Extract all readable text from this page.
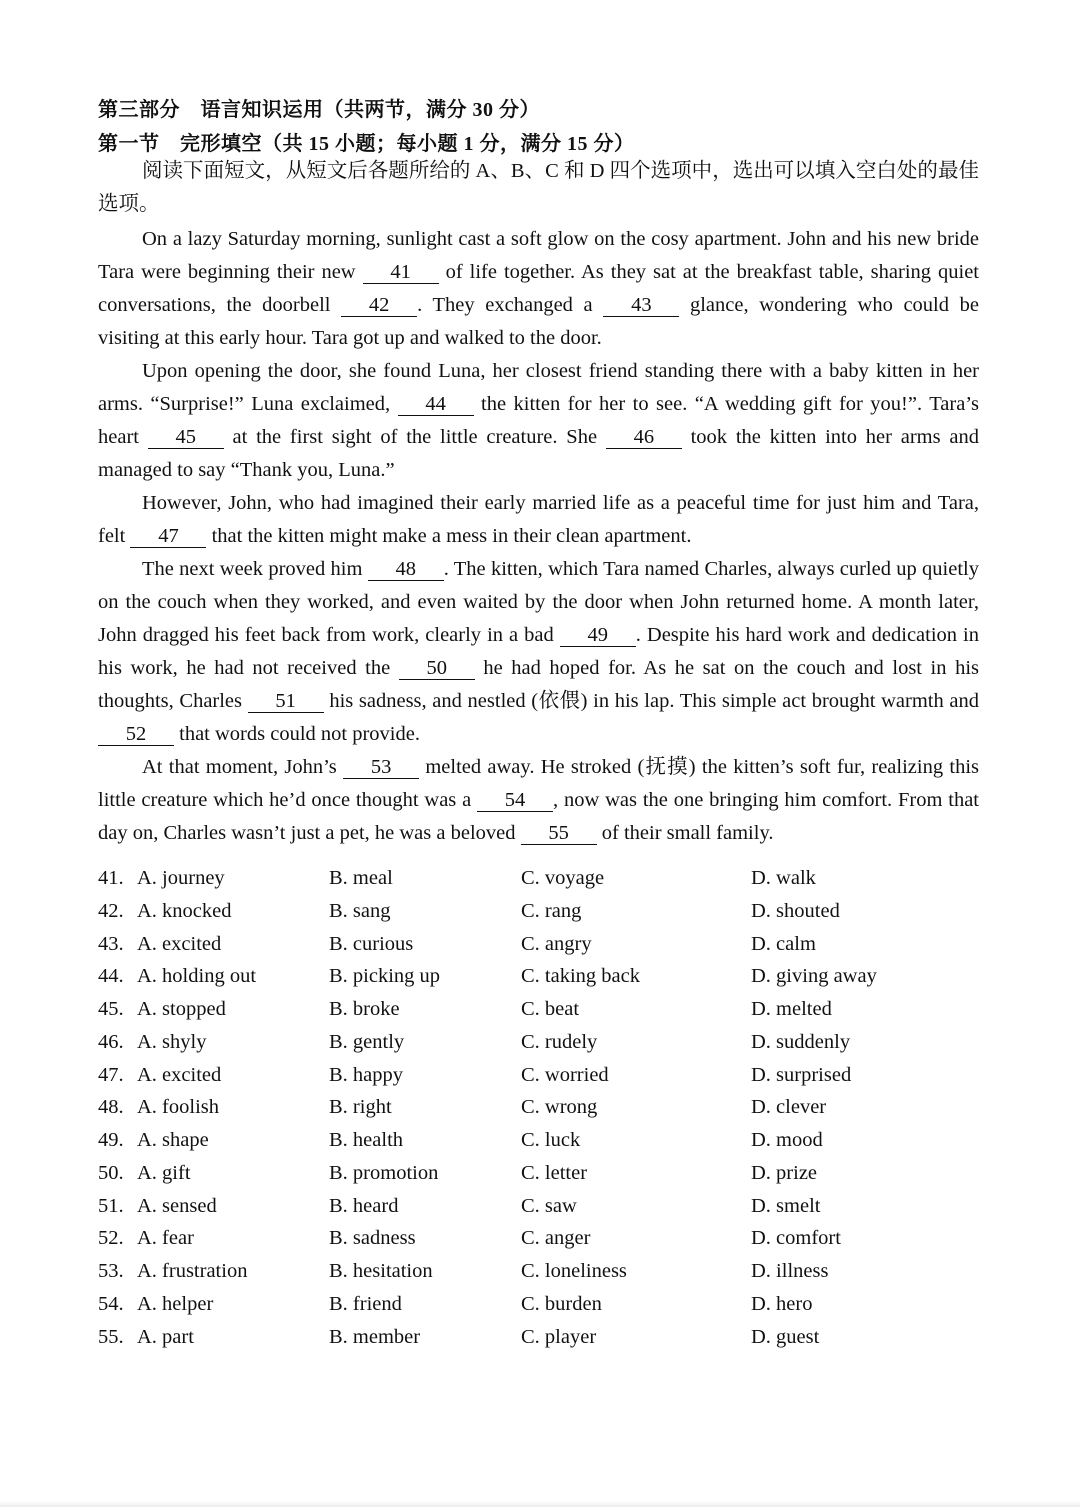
第三部分　语言知识运用（共两节，满分 30 分）
第一节　完形填空（共 15 小题；每小题 1 分，满分 15 分）

阅读下面短文，从短文后各题所给的 A、B、C 和 D 四个选项中，选出可以填入空白处的最佳选项。

On a lazy Saturday morning, sunlight cast a soft glow on the cosy apartment. John and his new bride Tara were beginning their new 41 of life together. As they sat at the breakfast table, sharing quiet conversations, the doorbell 42 . They exchanged a 43 glance, wondering who could be visiting at this early hour. Tara got up and walked to the door.

Upon opening the door, she found Luna, her closest friend standing there with a baby kitten in her arms. “Surprise!” Luna exclaimed, 44 the kitten for her to see. “A wedding gift for you!”. Tara’s heart 45 at the first sight of the little creature. She 46 took the kitten into her arms and managed to say “Thank you, Luna.”

However, John, who had imagined their early married life as a peaceful time for just him and Tara, felt 47 that the kitten might make a mess in their clean apartment.

The next week proved him 48 . The kitten, which Tara named Charles, always curled up quietly on the couch when they worked, and even waited by the door when John returned home. A month later, John dragged his feet back from work, clearly in a bad 49 . Despite his hard work and dedication in his work, he had not received the 50 he had hoped for. As he sat on the couch and lost in his thoughts, Charles 51 his sadness, and nestled (依偎) in his lap. This simple act brought warmth and 52 that words could not provide.

At that moment, John’s 53 melted away. He stroked (抚摸) the kitten’s soft fur, realizing this little creature which he’d once thought was a 54 , now was the one bringing him comfort. From that day on, Charles wasn’t just a pet, he was a beloved 55 of their small family.

41. A. journey	B. meal	C. voyage	D. walk
42. A. knocked	B. sang	C. rang	D. shouted
43. A. excited	B. curious	C. angry	D. calm
44. A. holding out	B. picking up	C. taking back	D. giving away
45. A. stopped	B. broke	C. beat	D. melted
46. A. shyly	B. gently	C. rudely	D. suddenly
47. A. excited	B. happy	C. worried	D. surprised
48. A. foolish	B. right	C. wrong	D. clever
49. A. shape	B. health	C. luck	D. mood
50. A. gift	B. promotion	C. letter	D. prize
51. A. sensed	B. heard	C. saw	D. smelt
52. A. fear	B. sadness	C. anger	D. comfort
53. A. frustration	B. hesitation	C. loneliness	D. illness
54. A. helper	B. friend	C. burden	D. hero
55. A. part	B. member	C. player	D. guest
